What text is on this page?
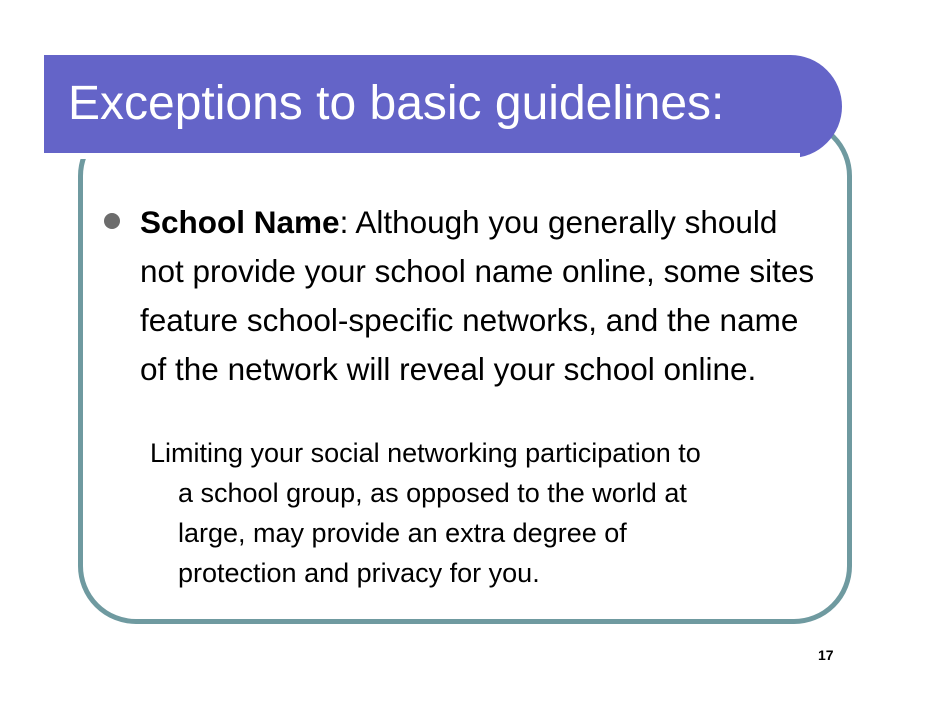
Exceptions to basic guidelines:
School Name: Although you generally should not provide your school name online, some sites feature school-specific networks, and the name of the network will reveal your school online.
Limiting your social networking participation to
a school group, as opposed to the world at
large, may provide an extra degree of
protection and privacy for you.
17
